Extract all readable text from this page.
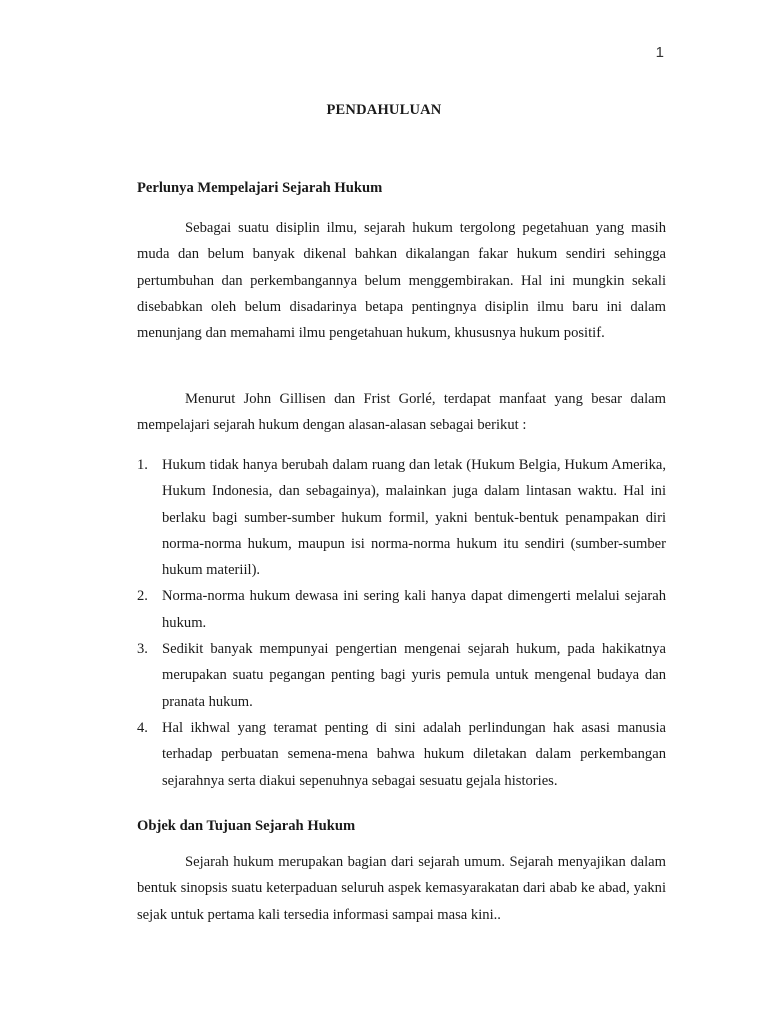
1
PENDAHULUAN
Perlunya Mempelajari Sejarah Hukum
Sebagai suatu disiplin ilmu, sejarah hukum tergolong pegetahuan yang masih muda dan belum banyak dikenal bahkan dikalangan fakar hukum sendiri sehingga pertumbuhan dan perkembangannya belum menggembirakan. Hal ini mungkin sekali disebabkan oleh belum disadarinya betapa pentingnya disiplin ilmu baru ini dalam menunjang dan memahami ilmu pengetahuan hukum, khususnya hukum positif.
Menurut John Gillisen dan Frist Gorlé, terdapat manfaat yang besar dalam mempelajari sejarah hukum dengan alasan-alasan sebagai berikut :
1. Hukum tidak hanya berubah dalam ruang dan letak (Hukum Belgia, Hukum Amerika, Hukum Indonesia, dan sebagainya), malainkan juga dalam lintasan waktu. Hal ini berlaku bagi sumber-sumber hukum formil, yakni bentuk-bentuk penampakan diri norma-norma hukum, maupun isi norma-norma hukum itu sendiri (sumber-sumber hukum materiil).
2. Norma-norma hukum dewasa ini sering kali hanya dapat dimengerti melalui sejarah hukum.
3. Sedikit banyak mempunyai pengertian mengenai sejarah hukum, pada hakikatnya merupakan suatu pegangan penting bagi yuris pemula untuk mengenal budaya dan pranata hukum.
4. Hal ikhwal yang teramat penting di sini adalah perlindungan hak asasi manusia terhadap perbuatan semena-mena bahwa hukum diletakan dalam perkembangan sejarahnya serta diakui sepenuhnya sebagai sesuatu gejala histories.
Objek dan Tujuan Sejarah Hukum
Sejarah hukum merupakan bagian dari sejarah umum. Sejarah menyajikan dalam bentuk sinopsis suatu keterpaduan seluruh aspek kemasyarakatan dari abab ke abad, yakni sejak untuk pertama kali tersedia informasi sampai masa kini..
